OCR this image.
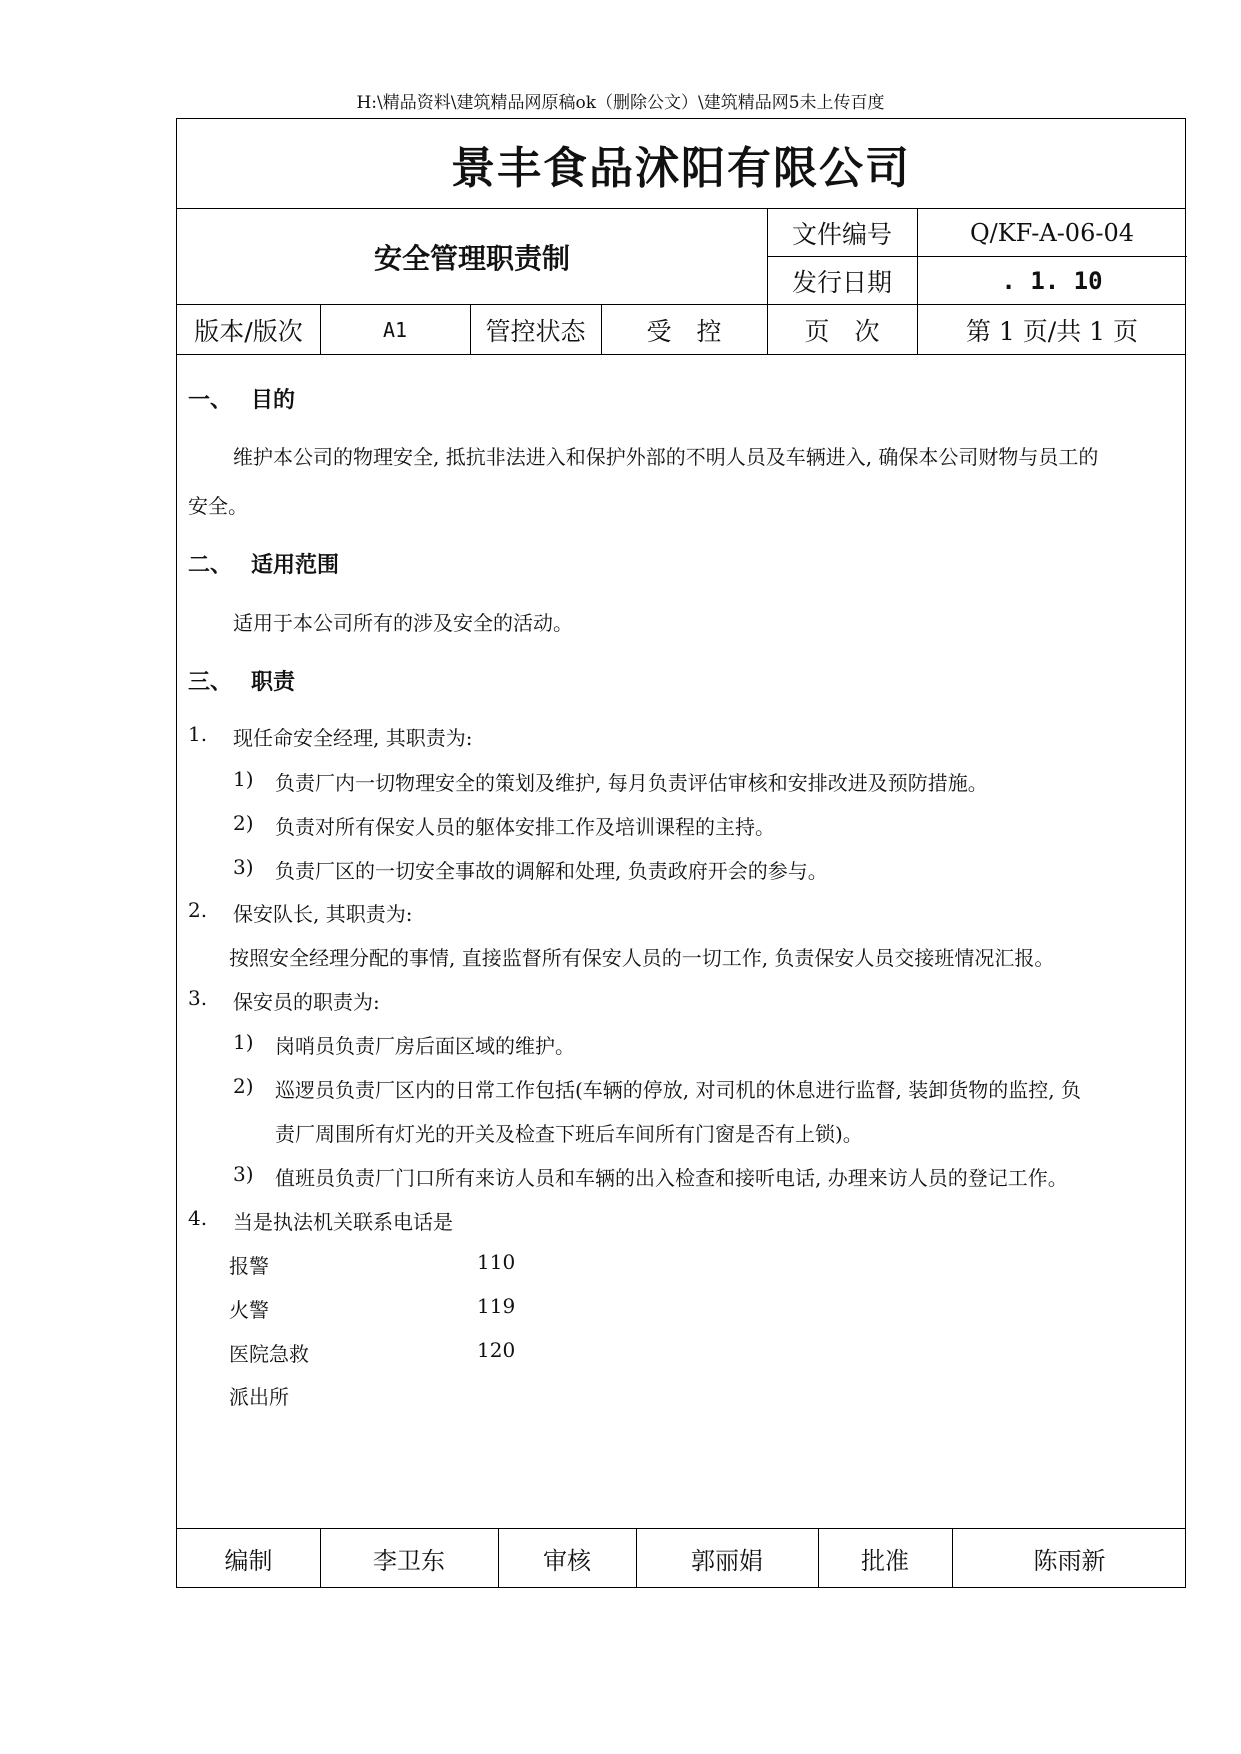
H:\精品资料\建筑精品网原稿ok（删除公文）\建筑精品网5未上传百度
景丰食品沭阳有限公司
安全管理职责制
文件编号	Q/KF-A-06-04
发行日期	. 1. 10
版本/版次	A1	管控状态	受　控	页　次	第 1 页/共 1 页
一、 目的
维护本公司的物理安全, 抵抗非法进入和保护外部的不明人员及车辆进入, 确保本公司财物与员工的
安全。
二、 适用范围
适用于本公司所有的涉及安全的活动。
三、 职责
1. 现任命安全经理, 其职责为:
1) 负责厂内一切物理安全的策划及维护, 每月负责评估审核和安排改进及预防措施。
2) 负责对所有保安人员的躯体安排工作及培训课程的主持。
3) 负责厂区的一切安全事故的调解和处理, 负责政府开会的参与。
2. 保安队长, 其职责为:
按照安全经理分配的事情, 直接监督所有保安人员的一切工作, 负责保安人员交接班情况汇报。
3. 保安员的职责为:
1) 岗哨员负责厂房后面区域的维护。
2) 巡逻员负责厂区内的日常工作包括(车辆的停放, 对司机的休息进行监督, 装卸货物的监控, 负
责厂周围所有灯光的开关及检查下班后车间所有门窗是否有上锁)。
3) 值班员负责厂门口所有来访人员和车辆的出入检查和接听电话, 办理来访人员的登记工作。
4. 当是执法机关联系电话是
报警	110
火警	119
医院急救	120
派出所
编制	李卫东	审核	郭丽娟	批准	陈雨新
